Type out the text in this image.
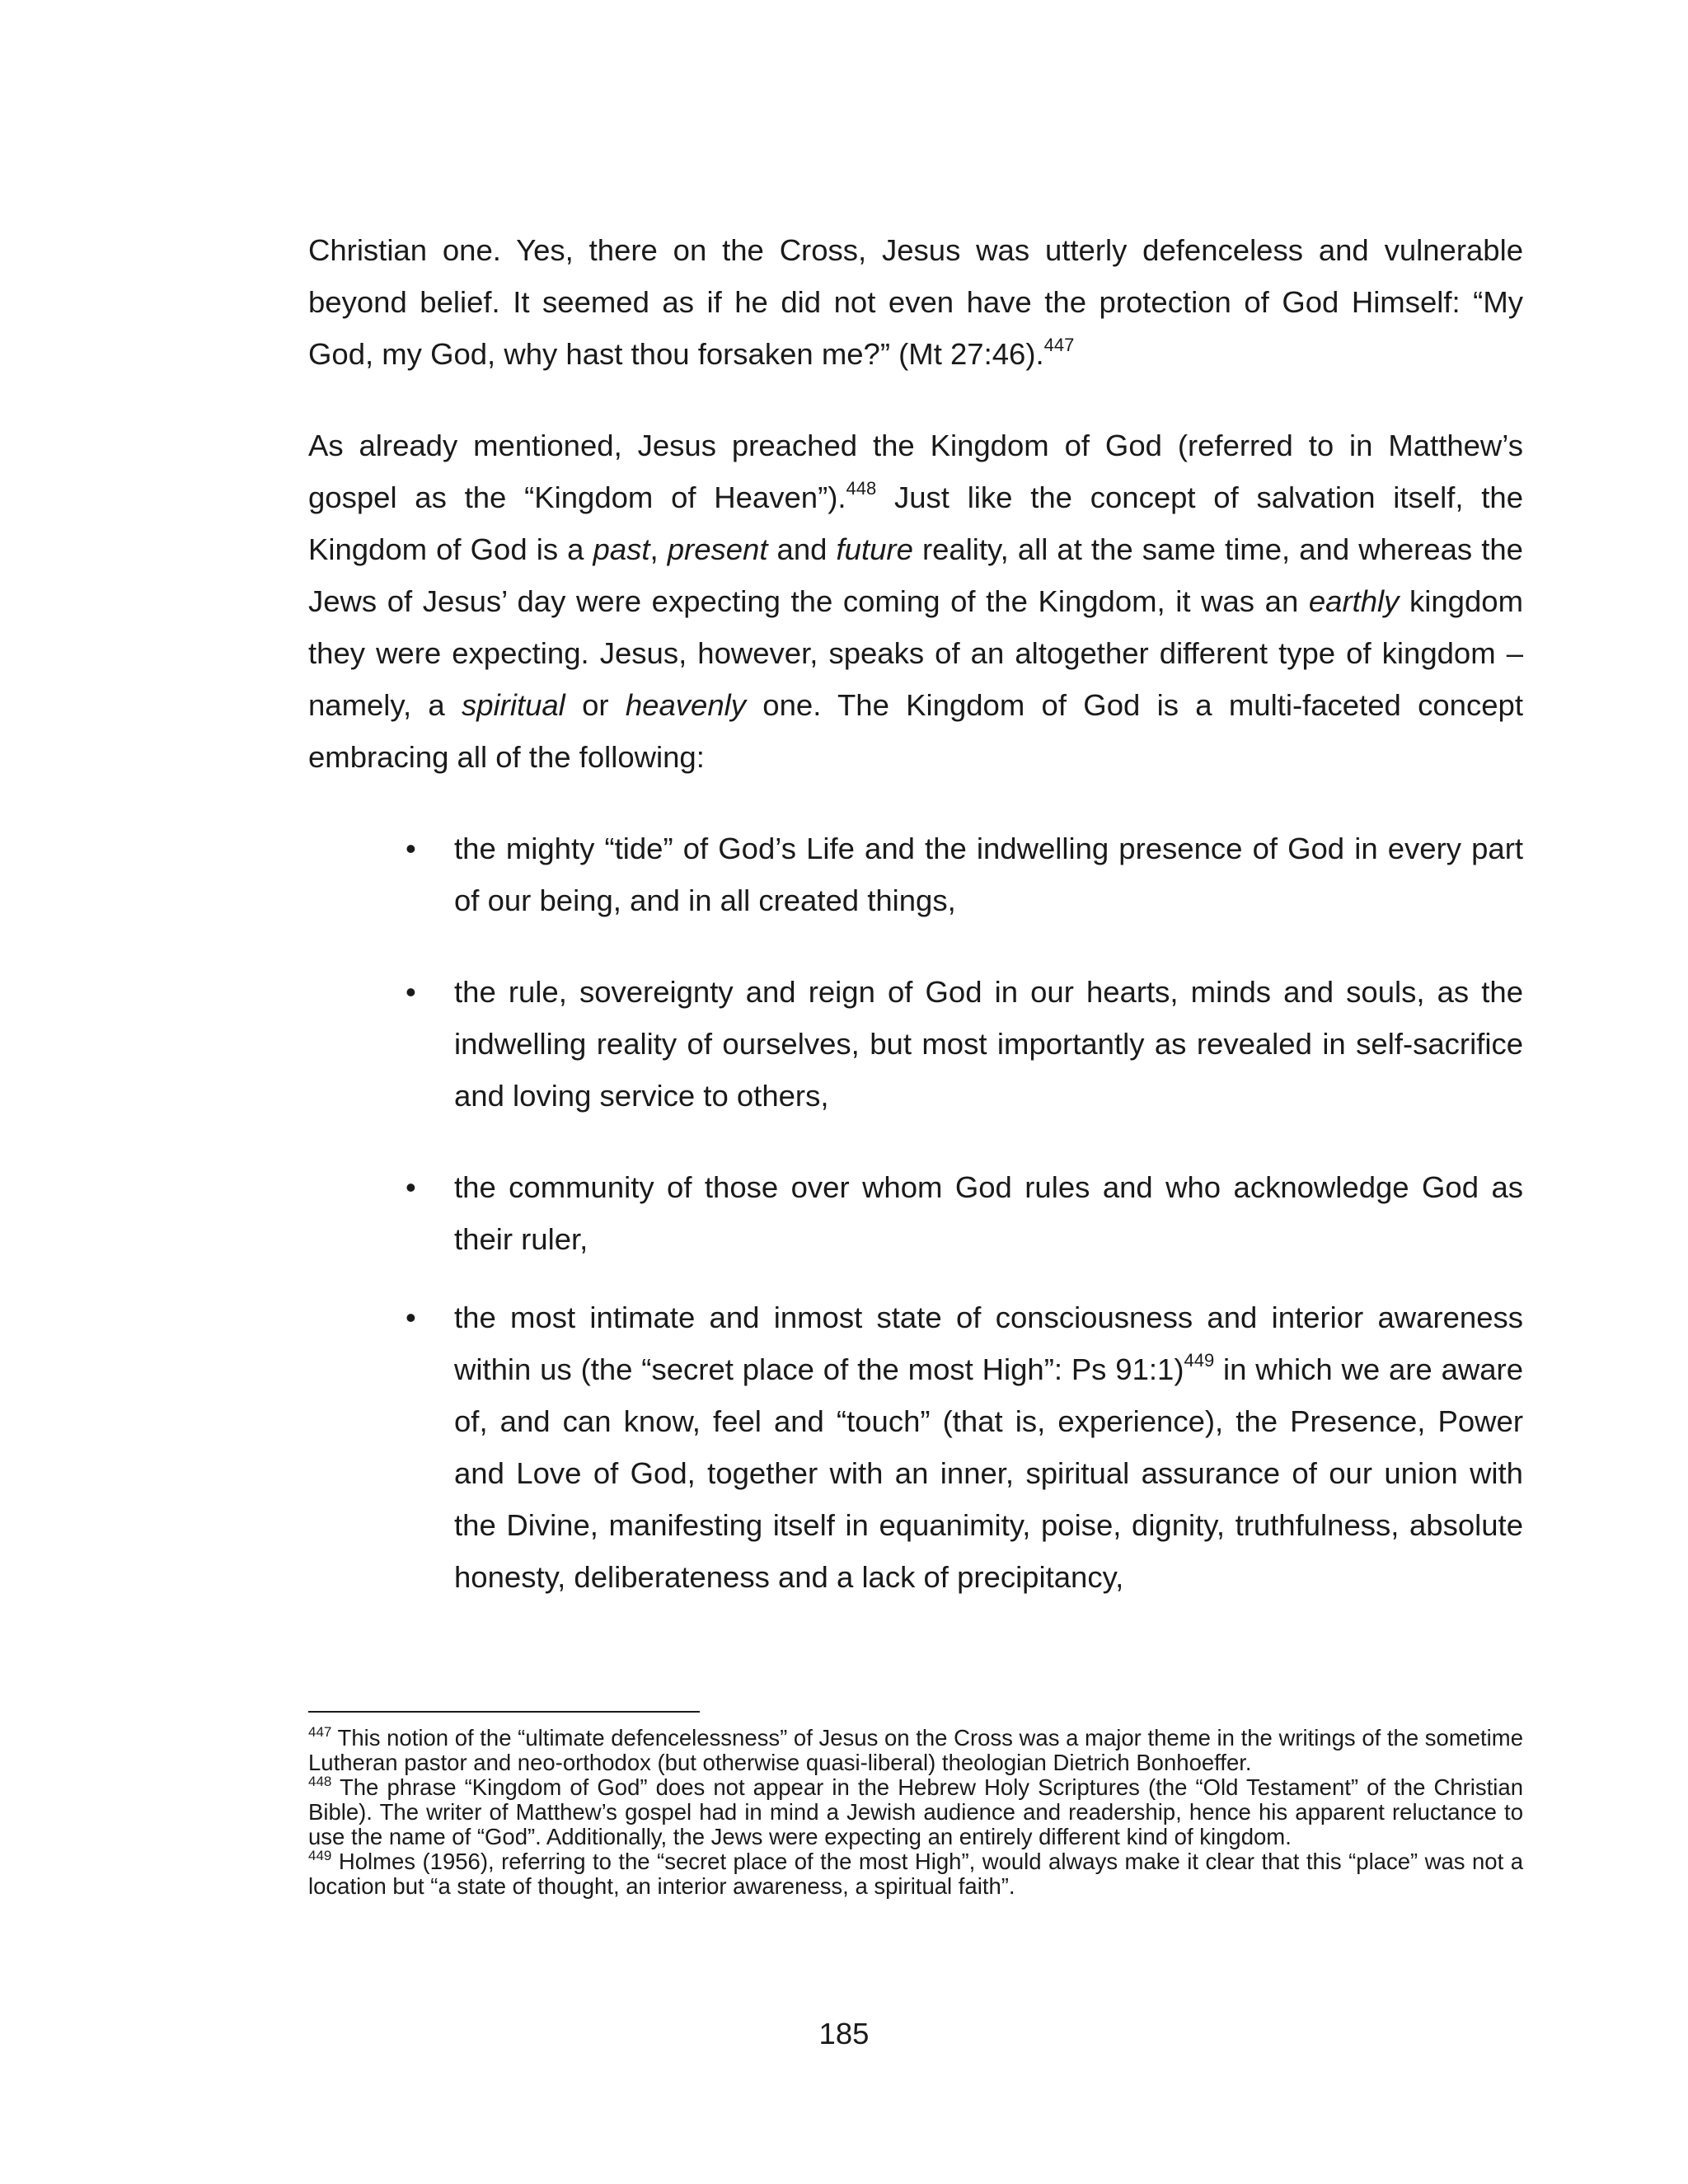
Christian one. Yes, there on the Cross, Jesus was utterly defenceless and vulnerable beyond belief. It seemed as if he did not even have the protection of God Himself: “My God, my God, why hast thou forsaken me?” (Mt 27:46).$^{447}$

As already mentioned, Jesus preached the Kingdom of God (referred to in Matthew’s gospel as the “Kingdom of Heaven”).$^{448}$ Just like the concept of salvation itself, the Kingdom of God is a past, present and future reality, all at the same time, and whereas the Jews of Jesus’ day were expecting the coming of the Kingdom, it was an earthly kingdom they were expecting. Jesus, however, speaks of an altogether different type of kingdom – namely, a spiritual or heavenly one. The Kingdom of God is a multi-faceted concept embracing all of the following:

• the mighty “tide” of God’s Life and the indwelling presence of God in every part of our being, and in all created things,
• the rule, sovereignty and reign of God in our hearts, minds and souls, as the indwelling reality of ourselves, but most importantly as revealed in self-sacrifice and loving service to others,
• the community of those over whom God rules and who acknowledge God as their ruler,
• the most intimate and inmost state of consciousness and interior awareness within us (the “secret place of the most High”: Ps 91:1)$^{449}$ in which we are aware of, and can know, feel and “touch” (that is, experience), the Presence, Power and Love of God, together with an inner, spiritual assurance of our union with the Divine, manifesting itself in equanimity, poise, dignity, truthfulness, absolute honesty, deliberateness and a lack of precipitancy,

$^{447}$ This notion of the “ultimate defencelessness” of Jesus on the Cross was a major theme in the writings of the sometime Lutheran pastor and neo-orthodox (but otherwise quasi-liberal) theologian Dietrich Bonhoeffer.

$^{448}$ The phrase “Kingdom of God” does not appear in the Hebrew Holy Scriptures (the “Old Testament” of the Christian Bible). The writer of Matthew’s gospel had in mind a Jewish audience and readership, hence his apparent reluctance to use the name of “God”. Additionally, the Jews were expecting an entirely different kind of kingdom.

$^{449}$ Holmes (1956), referring to the “secret place of the most High”, would always make it clear that this “place” was not a location but “a state of thought, an interior awareness, a spiritual faith”.

185
